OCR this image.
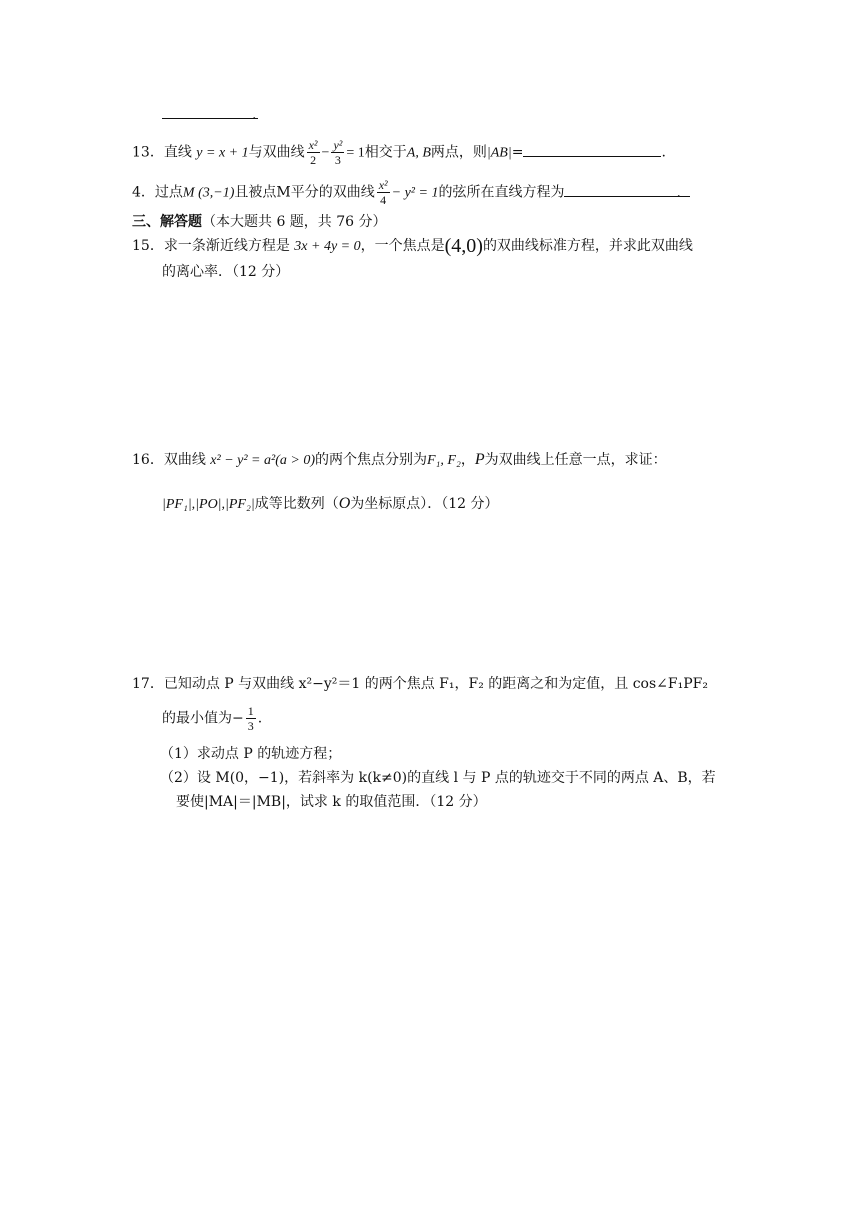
.
13．直线 y = x + 1与双曲线 $\frac{\text{x²}}{2} - \frac{\text{y²}}{3} = 1$相交于A, B两点，则|AB|=	.
4．过点M (3,−1)且被点M平分的双曲线 $\frac{\text{x²}}{4} - y^2 = 1$的弦所在直线方程为	.
三、解答题（本大题共 6 题，共 76 分）
15．求一条渐近线方程是 3x + 4y = 0，一个焦点是(4,0)的双曲线标准方程，并求此双曲线
的离心率．（12 分）
16．双曲线 x² − y² = a²(a > 0)的两个焦点分别为F₁, F₂，P为双曲线上任意一点，求证：
|PF₁|,|PO|,|PF₂|成等比数列（O为坐标原点）．（12 分）
17．已知动点 P 与双曲线 x²−y²＝1 的两个焦点 F₁，F₂ 的距离之和为定值，且 cos∠F₁PF₂
的最小值为− $\frac{1}{3}$ .
（1）求动点 P 的轨迹方程；
（2）设 M(0，−1)，若斜率为 k(k≠0)的直线 l 与 P 点的轨迹交于不同的两点 A、B，若
要使|MA|＝|MB|，试求 k 的取值范围．（12 分）
